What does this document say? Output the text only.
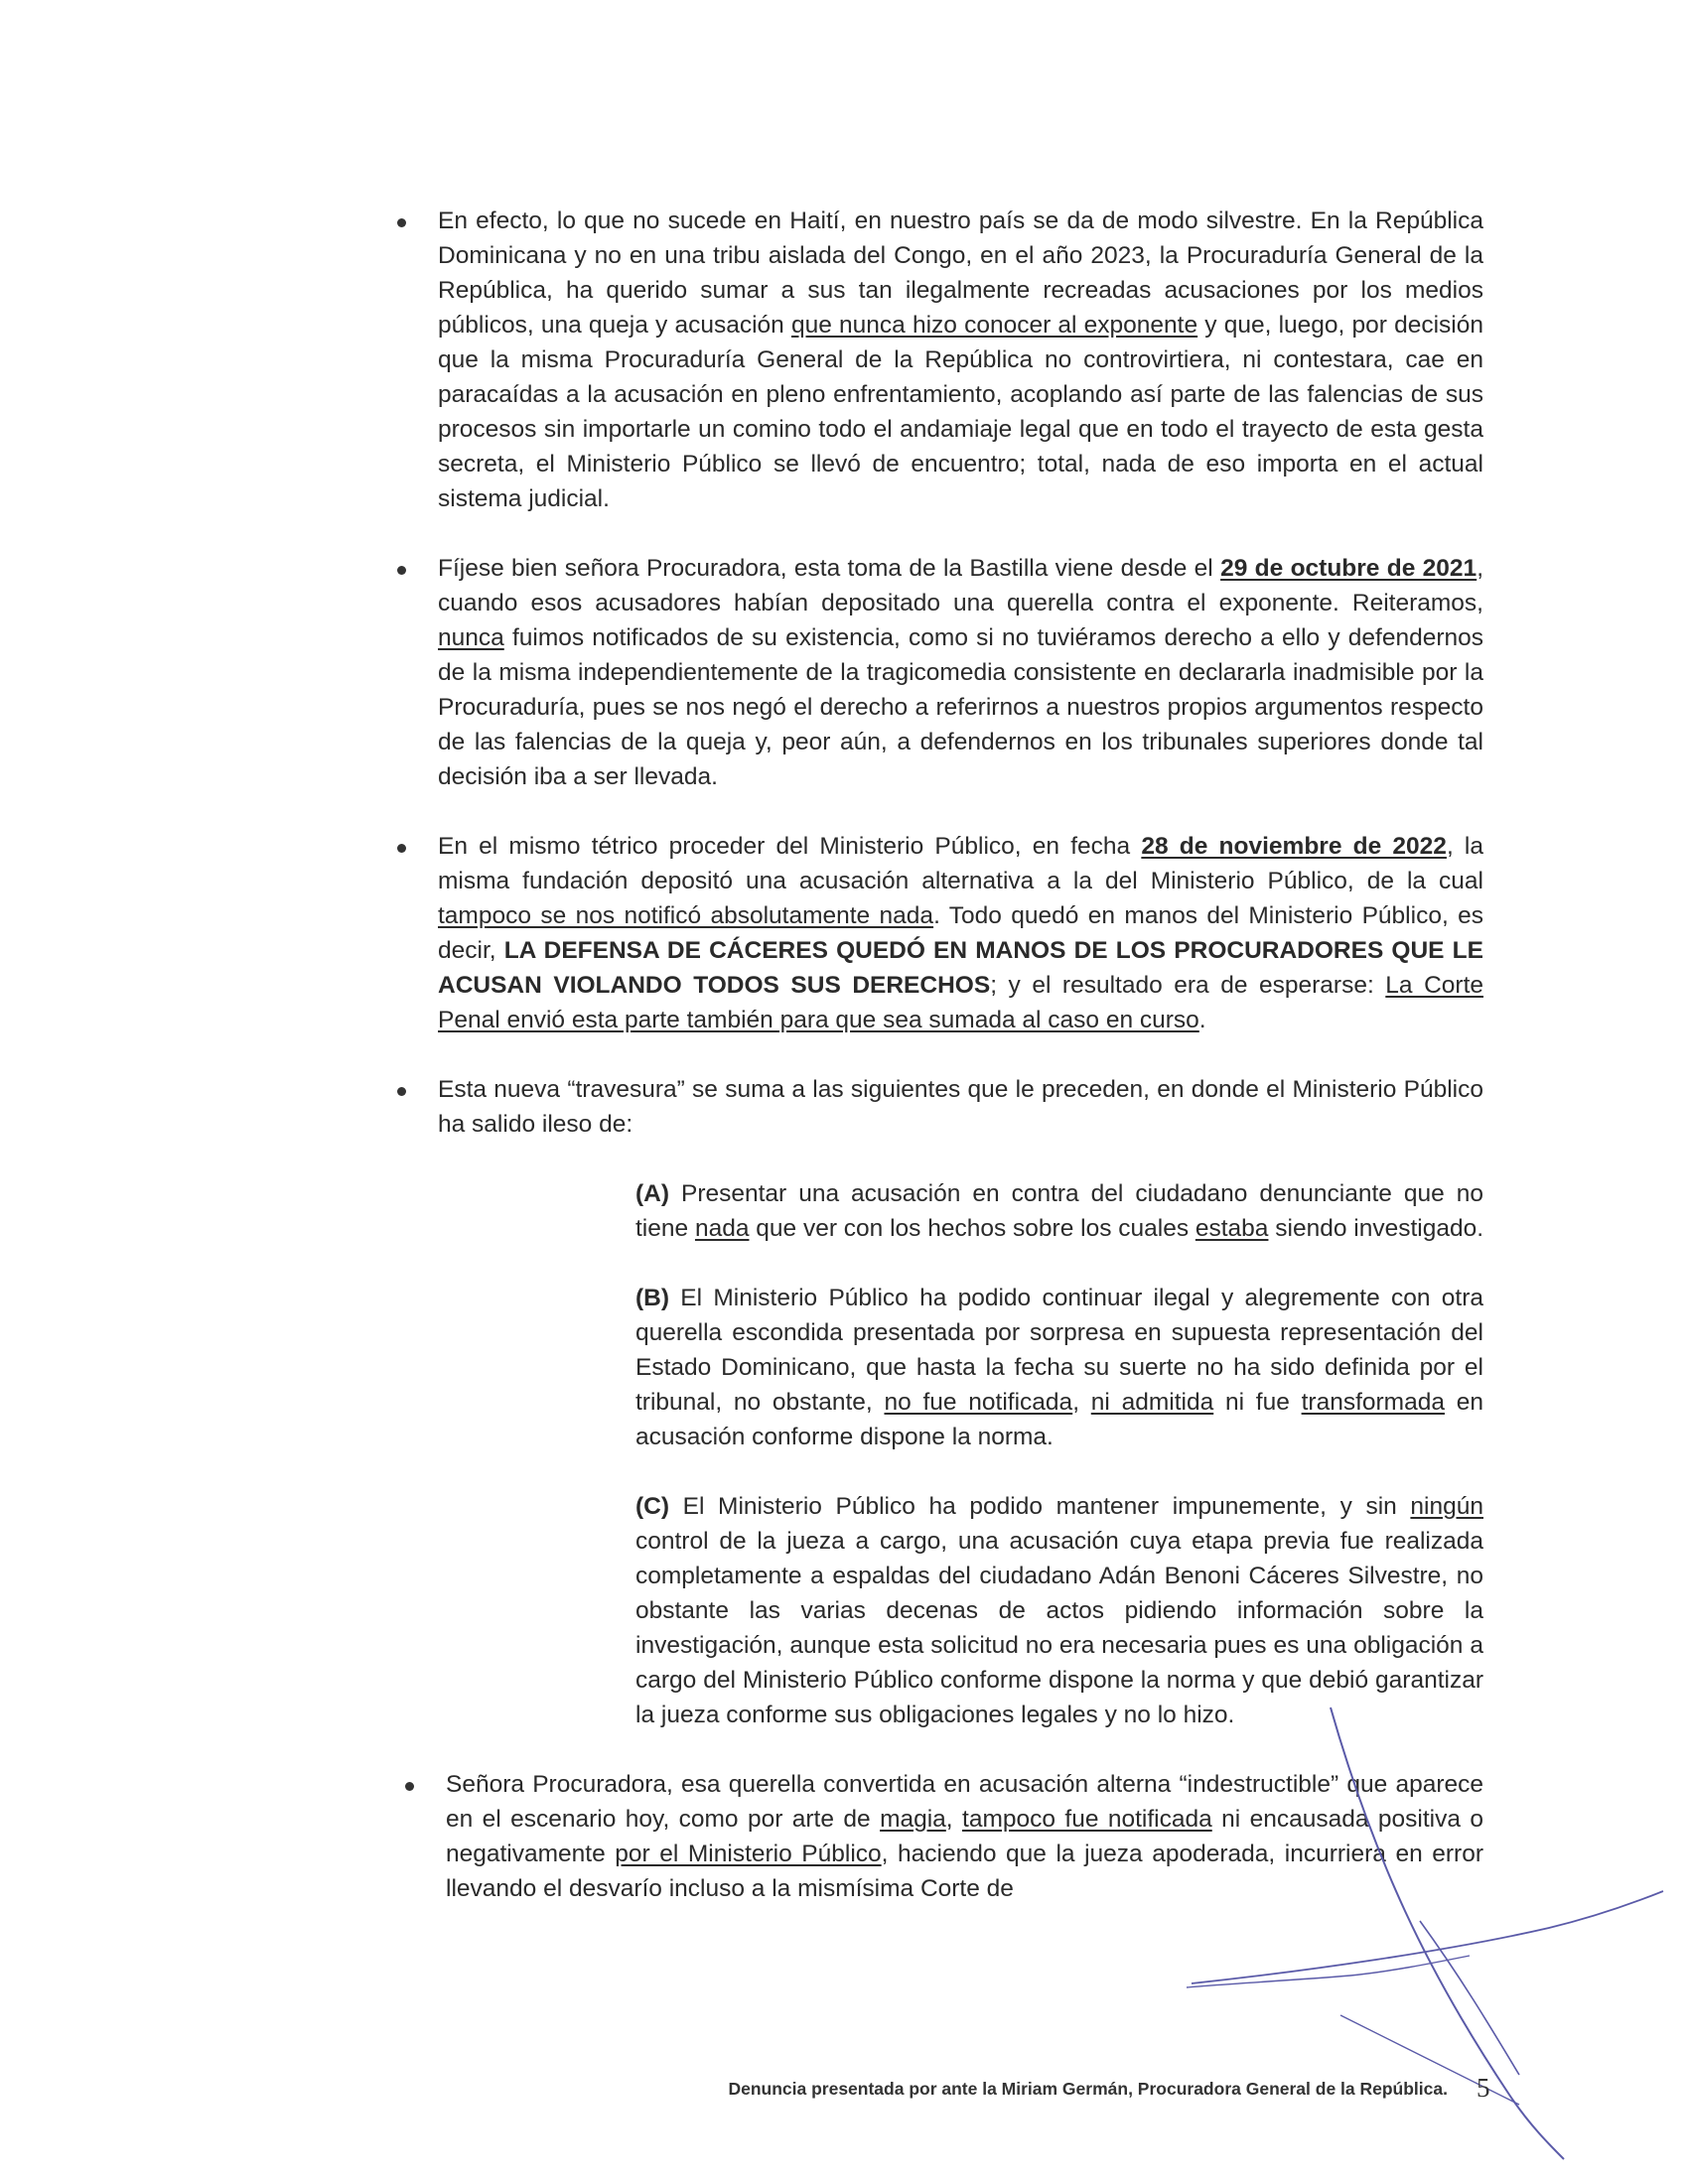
En efecto, lo que no sucede en Haití, en nuestro país se da de modo silvestre. En la República Dominicana y no en una tribu aislada del Congo, en el año 2023, la Procuraduría General de la República, ha querido sumar a sus tan ilegalmente recreadas acusaciones por los medios públicos, una queja y acusación que nunca hizo conocer al exponente y que, luego, por decisión que la misma Procuraduría General de la República no controvirtiera, ni contestara, cae en paracaídas a la acusación en pleno enfrentamiento, acoplando así parte de las falencias de sus procesos sin importarle un comino todo el andamiaje legal que en todo el trayecto de esta gesta secreta, el Ministerio Público se llevó de encuentro; total, nada de eso importa en el actual sistema judicial.
Fíjese bien señora Procuradora, esta toma de la Bastilla viene desde el 29 de octubre de 2021, cuando esos acusadores habían depositado una querella contra el exponente. Reiteramos, nunca fuimos notificados de su existencia, como si no tuviéramos derecho a ello y defendernos de la misma independientemente de la tragicomedia consistente en declararla inadmisible por la Procuraduría, pues se nos negó el derecho a referirnos a nuestros propios argumentos respecto de las falencias de la queja y, peor aún, a defendernos en los tribunales superiores donde tal decisión iba a ser llevada.
En el mismo tétrico proceder del Ministerio Público, en fecha 28 de noviembre de 2022, la misma fundación depositó una acusación alternativa a la del Ministerio Público, de la cual tampoco se nos notificó absolutamente nada. Todo quedó en manos del Ministerio Público, es decir, LA DEFENSA DE CÁCERES QUEDÓ EN MANOS DE LOS PROCURADORES QUE LE ACUSAN VIOLANDO TODOS SUS DERECHOS; y el resultado era de esperarse: La Corte Penal envió esta parte también para que sea sumada al caso en curso.
Esta nueva “travesura” se suma a las siguientes que le preceden, en donde el Ministerio Público ha salido ileso de:
(A) Presentar una acusación en contra del ciudadano denunciante que no tiene nada que ver con los hechos sobre los cuales estaba siendo investigado.
(B) El Ministerio Público ha podido continuar ilegal y alegremente con otra querella escondida presentada por sorpresa en supuesta representación del Estado Dominicano, que hasta la fecha su suerte no ha sido definida por el tribunal, no obstante, no fue notificada, ni admitida ni fue transformada en acusación conforme dispone la norma.
(C) El Ministerio Público ha podido mantener impunemente, y sin ningún control de la jueza a cargo, una acusación cuya etapa previa fue realizada completamente a espaldas del ciudadano Adán Benoni Cáceres Silvestre, no obstante las varias decenas de actos pidiendo información sobre la investigación, aunque esta solicitud no era necesaria pues es una obligación a cargo del Ministerio Público conforme dispone la norma y que debió garantizar la jueza conforme sus obligaciones legales y no lo hizo.
Señora Procuradora, esa querella convertida en acusación alterna “indestructible” que aparece en el escenario hoy, como por arte de magia, tampoco fue notificada ni encausada positiva o negativamente por el Ministerio Público, haciendo que la jueza apoderada, incurriera en error llevando el desvarío incluso a la mismísima Corte de
Denuncia presentada por ante la Miriam Germán, Procuradora General de la República. 5
